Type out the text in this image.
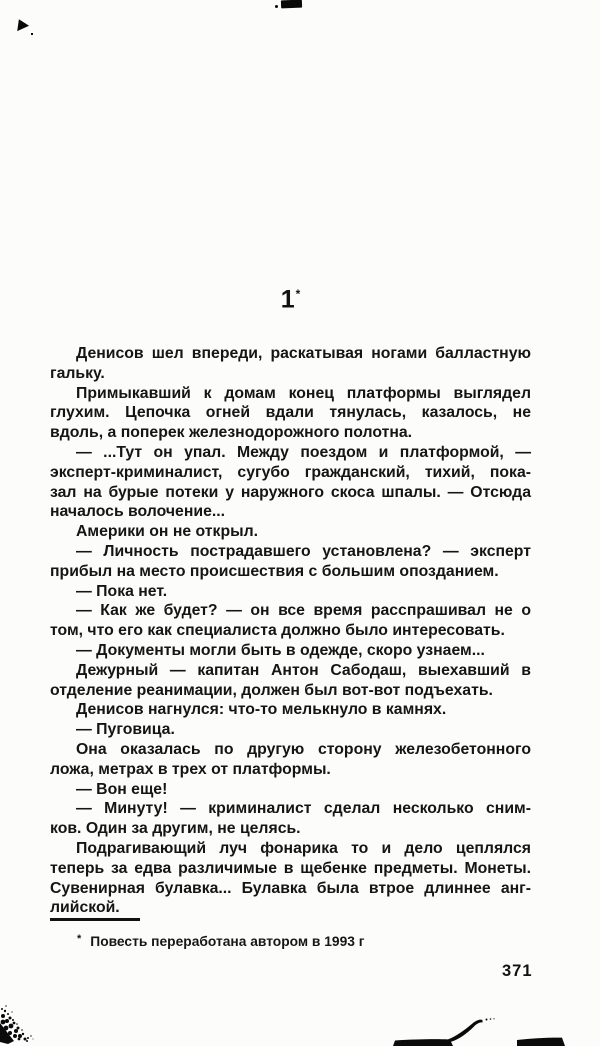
1*
Денисов шел впереди, раскатывая ногами балластную
гальку.
Примыкавший к домам конец платформы выглядел
глухим. Цепочка огней вдали тянулась, казалось, не
вдоль, а поперек железнодорожного полотна.
— ...Тут он упал. Между поездом и платформой, —
эксперт-криминалист, сугубо гражданский, тихий, пока-
зал на бурые потеки у наружного скоса шпалы. — Отсюда
началось волочение...
Америки он не открыл.
— Личность пострадавшего установлена? — эксперт
прибыл на место происшествия с большим опозданием.
— Пока нет.
— Как же будет? — он все время расспрашивал не о
том, что его как специалиста должно было интересовать.
— Документы могли быть в одежде, скоро узнаем...
Дежурный — капитан Антон Сабодаш, выехавший в
отделение реанимации, должен был вот-вот подъехать.
Денисов нагнулся: что-то мелькнуло в камнях.
— Пуговица.
Она оказалась по другую сторону железобетонного
ложа, метрах в трех от платформы.
— Вон еще!
— Минуту! — криминалист сделал несколько сним-
ков. Один за другим, не целясь.
Подрагивающий луч фонарика то и дело цеплялся
теперь за едва различимые в щебенке предметы. Монеты.
Сувенирная булавка... Булавка была втрое длиннее анг-
лийской.
* Повесть переработана автором в 1993 г
371
